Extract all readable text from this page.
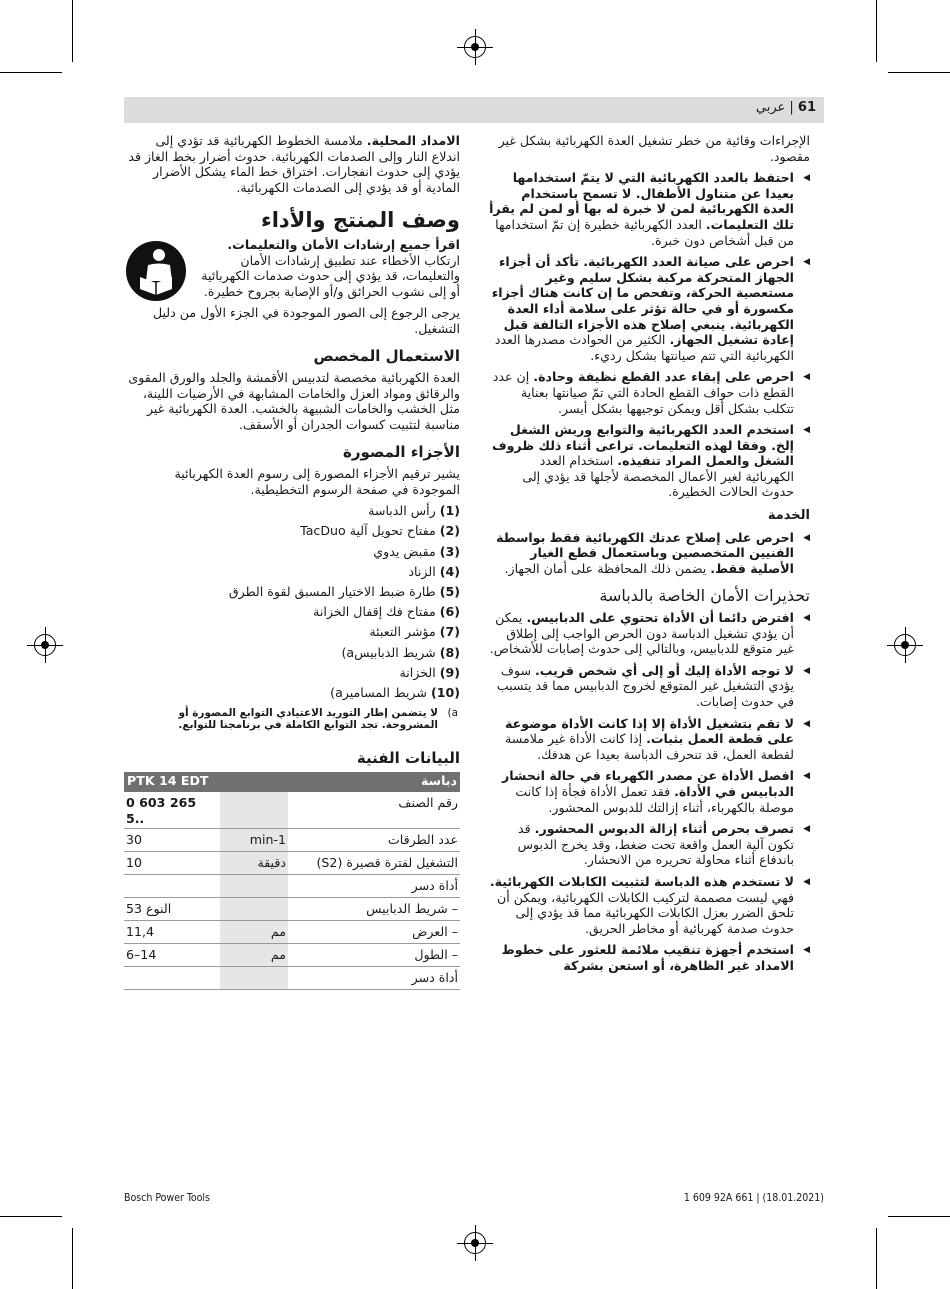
61 | عربي
الإجراءات وقائية من خطر تشغيل العدة الكهربائية بشكل غير مقصود.
◀ احتفظ بالعدد الكهربائية التي لا يتمّ استخدامها بعيدا عن متناول الأطفال. لا تسمح باستخدام العدة الكهربائية لمن لا خبرة له بها أو لمن لم يقرأ تلك التعليمات. العدد الكهربائية خطيرة إن تمّ استخدامها من قبل أشخاص دون خبرة.
◀ احرص على صيانة العدد الكهربائية. تأكد أن أجزاء الجهاز المتحركة مركبة بشكل سليم وغير مستعصية الحركة، وتفحص ما إن كانت هناك أجزاء مكسورة أو في حالة تؤثر على سلامة أداء العدة الكهربائية. ينبغي إصلاح هذه الأجزاء التالفة قبل إعادة تشغيل الجهاز. الكثير من الحوادث مصدرها العدد الكهربائية التي تتم صيانتها بشكل رديء.
◀ احرص على إبقاء عدد القطع نظيفة وحادة. إن عدد القطع ذات حواف القطع الحادة التي تمّ صيانتها بعناية تتكلب بشكل أقل ويمكن توجيهها بشكل أيسر.
◀ استخدم العدد الكهربائية والتوابع وريش الشغل إلخ. وفقا لهذه التعليمات. تراعى أثناء ذلك ظروف الشغل والعمل المراد تنفيذه. استخدام العدد الكهربائية لغير الأعمال المخصصة لأجلها قد يؤدي إلى حدوث الحالات الخطيرة.
الخدمة
◀ احرص على إصلاح عدتك الكهربائية فقط بواسطة الفنيين المتخصصين وباستعمال قطع الغيار الأصلية فقط. يضمن ذلك المحافظة على أمان الجهاز.
تحذيرات الأمان الخاصة بالدباسة
◀ افترض دائما أن الأداة تحتوي على الدبابيس. يمكن أن يؤدي تشغيل الدباسة دون الحرص الواجب إلى إطلاق غير متوقع للدبابيس، وبالتالي إلى حدوث إصابات للأشخاص.
◀ لا توجه الأداة إليك أو إلى أي شخص قريب. سوف يؤدي التشغيل غير المتوقع لخروج الدبابيس مما قد يتسبب في حدوث إصابات.
◀ لا تقم بتشغيل الأداة إلا إذا كانت الأداة موضوعة على قطعة العمل بثبات. إذا كانت الأداة غير ملامسة لقطعة العمل، قد تنحرف الدباسة بعيدا عن هدفك.
◀ افصل الأداة عن مصدر الكهرباء في حالة انحشار الدبابيس في الأداة. فقد تعمل الأداة فجأة إذا كانت موصلة بالكهرباء، أثناء إزالتك للدبوس المحشور.
◀ تصرف بحرص أثناء إزالة الدبوس المحشور. قد تكون آلية العمل واقعة تحت ضغط، وقد يخرج الدبوس باندفاع أثناء محاولة تحريره من الانحشار.
◀ لا تستخدم هذه الدباسة لتثبيت الكابلات الكهربائية. فهي ليست مصممة لتركيب الكابلات الكهربائية، ويمكن أن تلحق الضرر بعزل الكابلات الكهربائية مما قد يؤدي إلى حدوث صدمة كهربائية أو مخاطر الحريق.
◀ استخدم أجهزة تنقيب ملائمة للعثور على خطوط الامداد غير الظاهرة، أو استعن بشركة
الامداد المحلية. ملامسة الخطوط الكهربائية قد تؤدي إلى اندلاع النار وإلى الصدمات الكهربائية. حدوث أضرار بخط الغاز قد يؤدي إلى حدوث انفجارات. اختراق خط الماء يشكل الأضرار المادية أو قد يؤدي إلى الصدمات الكهربائية.
وصف المنتج والأداء
اقرأ جميع إرشادات الأمان والتعليمات. ارتكاب الأخطاء عند تطبيق إرشادات الأمان والتعليمات، قد يؤدي إلى حدوث صدمات الكهربائية أو إلى نشوب الحرائق و/أو الإصابة بجروح خطيرة.
يرجى الرجوع إلى الصور الموجودة في الجزء الأول من دليل التشغيل.
الاستعمال المخصص
العدة الكهربائية مخصصة لتدبيس الأقمشة والجلد والورق المقوى والرقائق ومواد العزل والخامات المشابهة في الأرضيات اللينة، مثل الخشب والخامات الشبيهة بالخشب. العدة الكهربائية غير مناسبة لتثبيت كسوات الجدران أو الأسقف.
الأجزاء المصورة
يشير ترقيم الأجزاء المصورة إلى رسوم العدة الكهربائية الموجودة في صفحة الرسوم التخطيطية.
(1)رأس الدباسة
(2)مفتاح تحويل آلية TacDuo
(3)مقبض يدوي
(4)الزناد
(5)طارة ضبط الاختيار المسبق لقوة الطرق
(6)مفتاح فك إقفال الخزانة
(7)مؤشر التعبئة
(8)شريط الدبابيسa)
(9)الخزانة
(10)شريط المساميرa)
a)
لا يتضمن إطار التوريد الاعتيادي التوابع المصورة أو المشروحة. تجد التوابع الكاملة في برنامجنا للتوابع.
البيانات الفنية
دباسة		PTK 14 EDT
رقم الصنف		0 603 265 5..
عدد الطرقات	min-1	30
التشغيل لفترة قصيرة (S2)	دقيقة	10
أداة دسر		
– شريط الدبابيس		النوع 53
– العرض	مم	11,4
– الطول	مم	6–14
أداة دسر		
Bosch Power Tools	1 609 92A 661 | (18.01.2021)
